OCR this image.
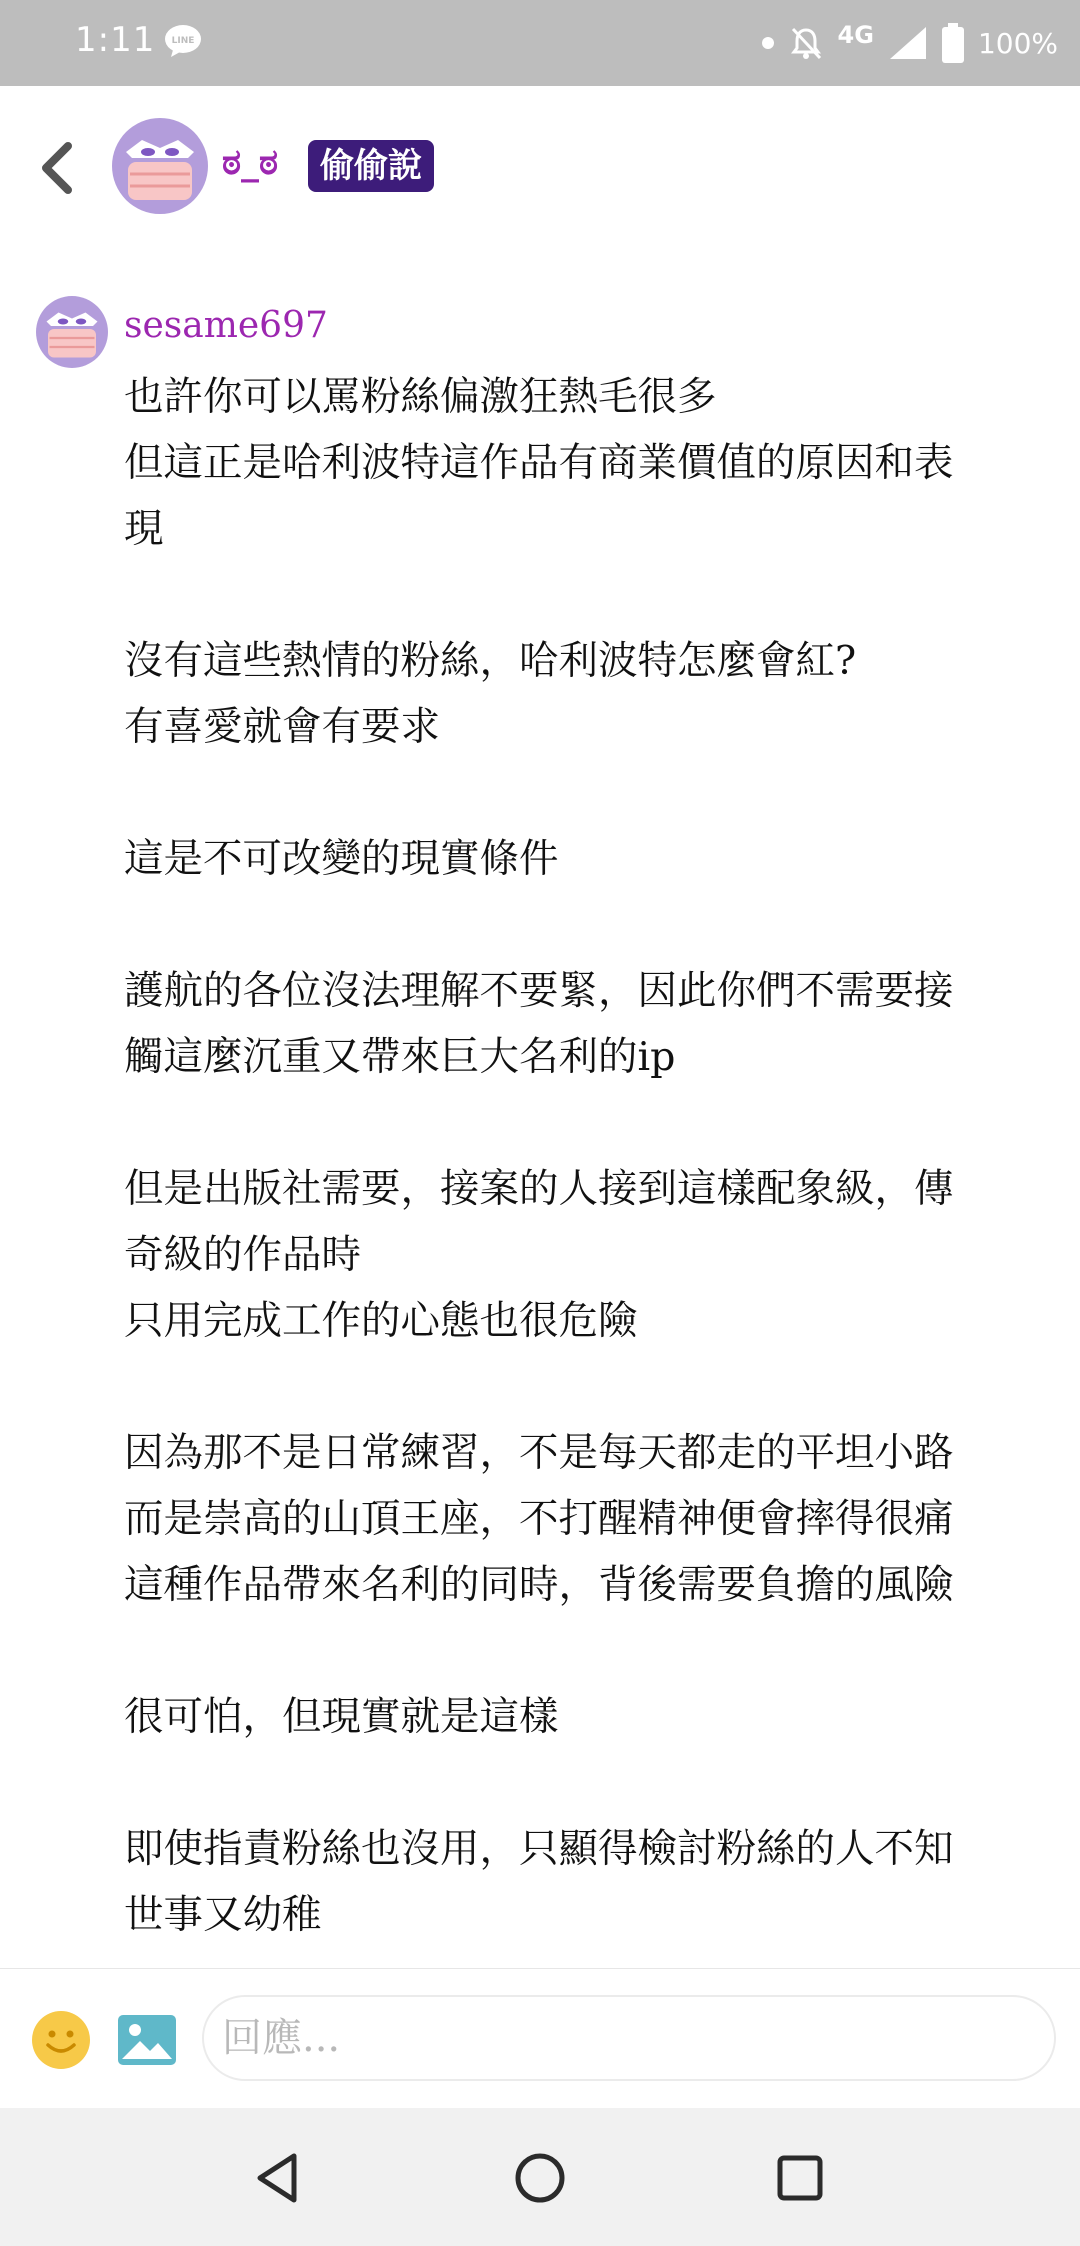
1:11 LINE	4G	100%
ಠ_ಠ	偷偷說
sesame697
也許你可以罵粉絲偏激狂熱毛很多
但這正是哈利波特這作品有商業價值的原因和表
現
沒有這些熱情的粉絲，哈利波特怎麼會紅?
有喜愛就會有要求
這是不可改變的現實條件
護航的各位沒法理解不要緊，因此你們不需要接
觸這麼沉重又帶來巨大名利的ip
但是出版社需要，接案的人接到這樣配象級，傳
奇級的作品時
只用完成工作的心態也很危險
因為那不是日常練習，不是每天都走的平坦小路
而是崇高的山頂王座，不打醒精神便會摔得很痛
這種作品帶來名利的同時，背後需要負擔的風險
很可怕，但現實就是這樣
即使指責粉絲也沒用，只顯得檢討粉絲的人不知
世事又幼稚
回應...
